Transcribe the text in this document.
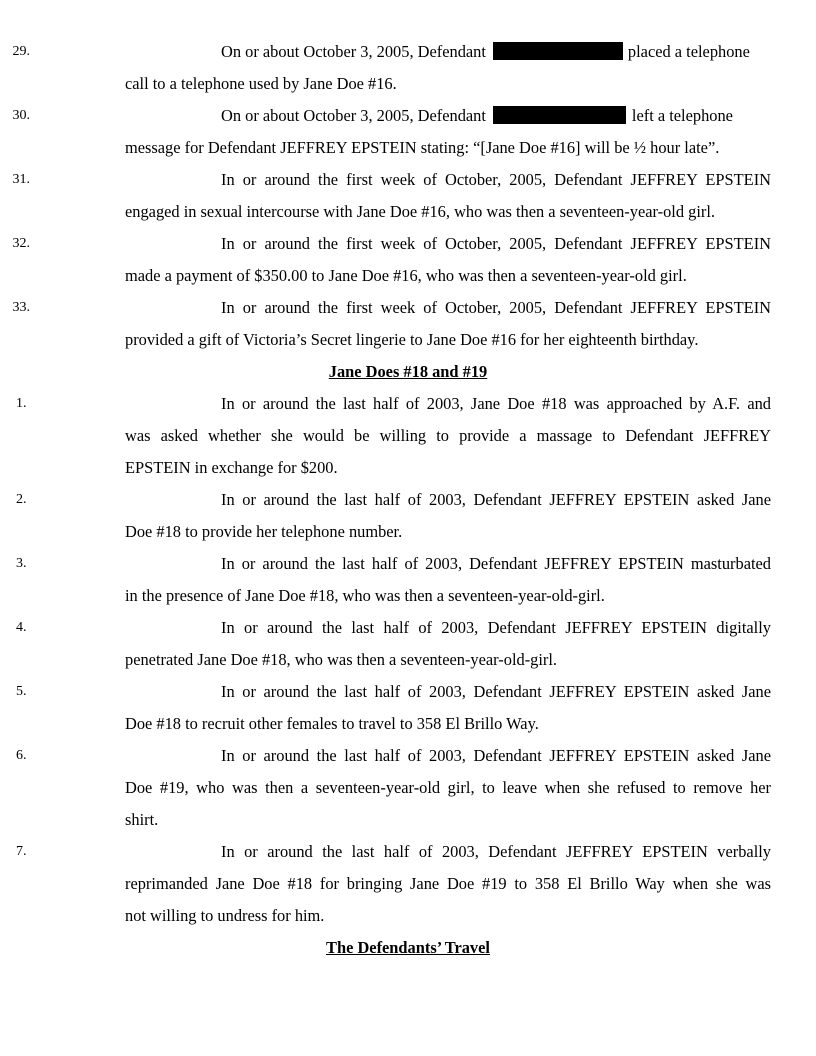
29.	On or about October 3, 2005, Defendant	placed a telephone
call to a telephone used by Jane Doe #16.
30.	On or about October 3, 2005, Defendant	left a telephone
message for Defendant JEFFREY EPSTEIN stating: “[Jane Doe #16] will be ½ hour late”.
31.	In or around the first week of October, 2005, Defendant JEFFREY EPSTEIN
engaged in sexual intercourse with Jane Doe #16, who was then a seventeen-year-old girl.
32.	In or around the first week of October, 2005, Defendant JEFFREY EPSTEIN
made a payment of $350.00 to Jane Doe #16, who was then a seventeen-year-old girl.
33.	In or around the first week of October, 2005, Defendant JEFFREY EPSTEIN
provided a gift of Victoria’s Secret lingerie to Jane Doe #16 for her eighteenth birthday.
Jane Does #18 and #19
1.	In or around the last half of 2003, Jane Doe #18 was approached by A.F. and
was asked whether she would be willing to provide a massage to Defendant JEFFREY
EPSTEIN in exchange for $200.
2.	In or around the last half of 2003, Defendant JEFFREY EPSTEIN asked Jane
Doe #18 to provide her telephone number.
3.	In or around the last half of 2003, Defendant JEFFREY EPSTEIN masturbated
in the presence of Jane Doe #18, who was then a seventeen-year-old-girl.
4.	In or around the last half of 2003, Defendant JEFFREY EPSTEIN digitally
penetrated Jane Doe #18, who was then a seventeen-year-old-girl.
5.	In or around the last half of 2003, Defendant JEFFREY EPSTEIN asked Jane
Doe #18 to recruit other females to travel to 358 El Brillo Way.
6.	In or around the last half of 2003, Defendant JEFFREY EPSTEIN asked Jane
Doe #19, who was then a seventeen-year-old girl, to leave when she refused to remove her
shirt.
7.	In or around the last half of 2003, Defendant JEFFREY EPSTEIN verbally
reprimanded Jane Doe #18 for bringing Jane Doe #19 to 358 El Brillo Way when she was
not willing to undress for him.
The Defendants’ Travel
